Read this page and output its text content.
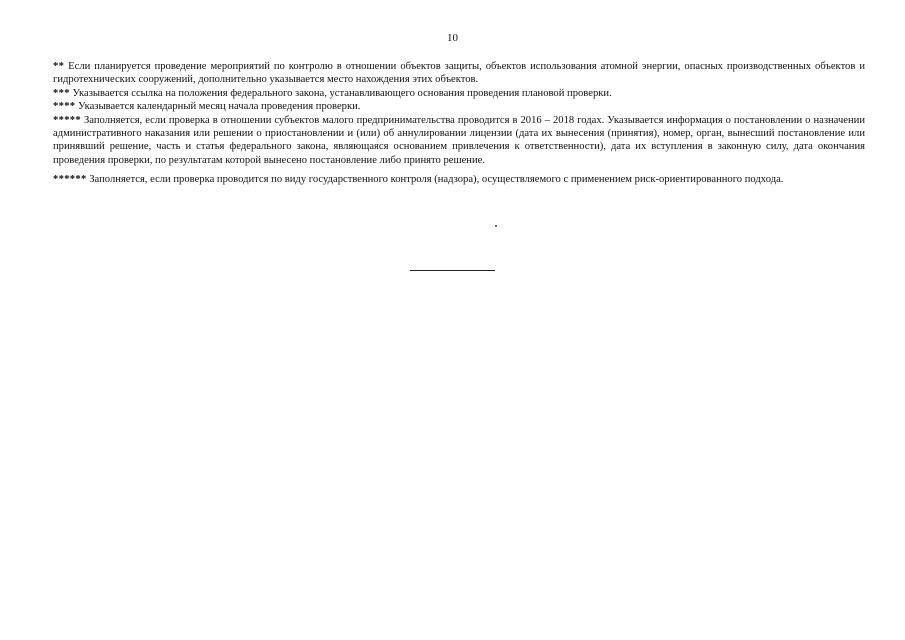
10

** Если планируется проведение мероприятий по контролю в отношении объектов защиты, объектов использования атомной энергии, опасных производственных объектов и гидротехнических сооружений, дополнительно указывается место нахождения этих объектов.

*** Указывается ссылка на положения федерального закона, устанавливающего основания проведения плановой проверки.

**** Указывается календарный месяц начала проведения проверки.

***** Заполняется, если проверка в отношении субъектов малого предпринимательства проводится в 2016 – 2018 годах. Указывается информация о постановлении о назначении административного наказания или решении о приостановлении и (или) об аннулировании лицензии (дата их вынесения (принятия), номер, орган, вынесший постановление или принявший решение, часть и статья федерального закона, являющаяся основанием привлечения к ответственности), дата их вступления в законную силу, дата окончания проведения проверки, по результатам которой вынесено постановление либо принято решение.

****** Заполняется, если проверка проводится по виду государственного контроля (надзора), осуществляемого с применением риск-ориентированного подхода.
